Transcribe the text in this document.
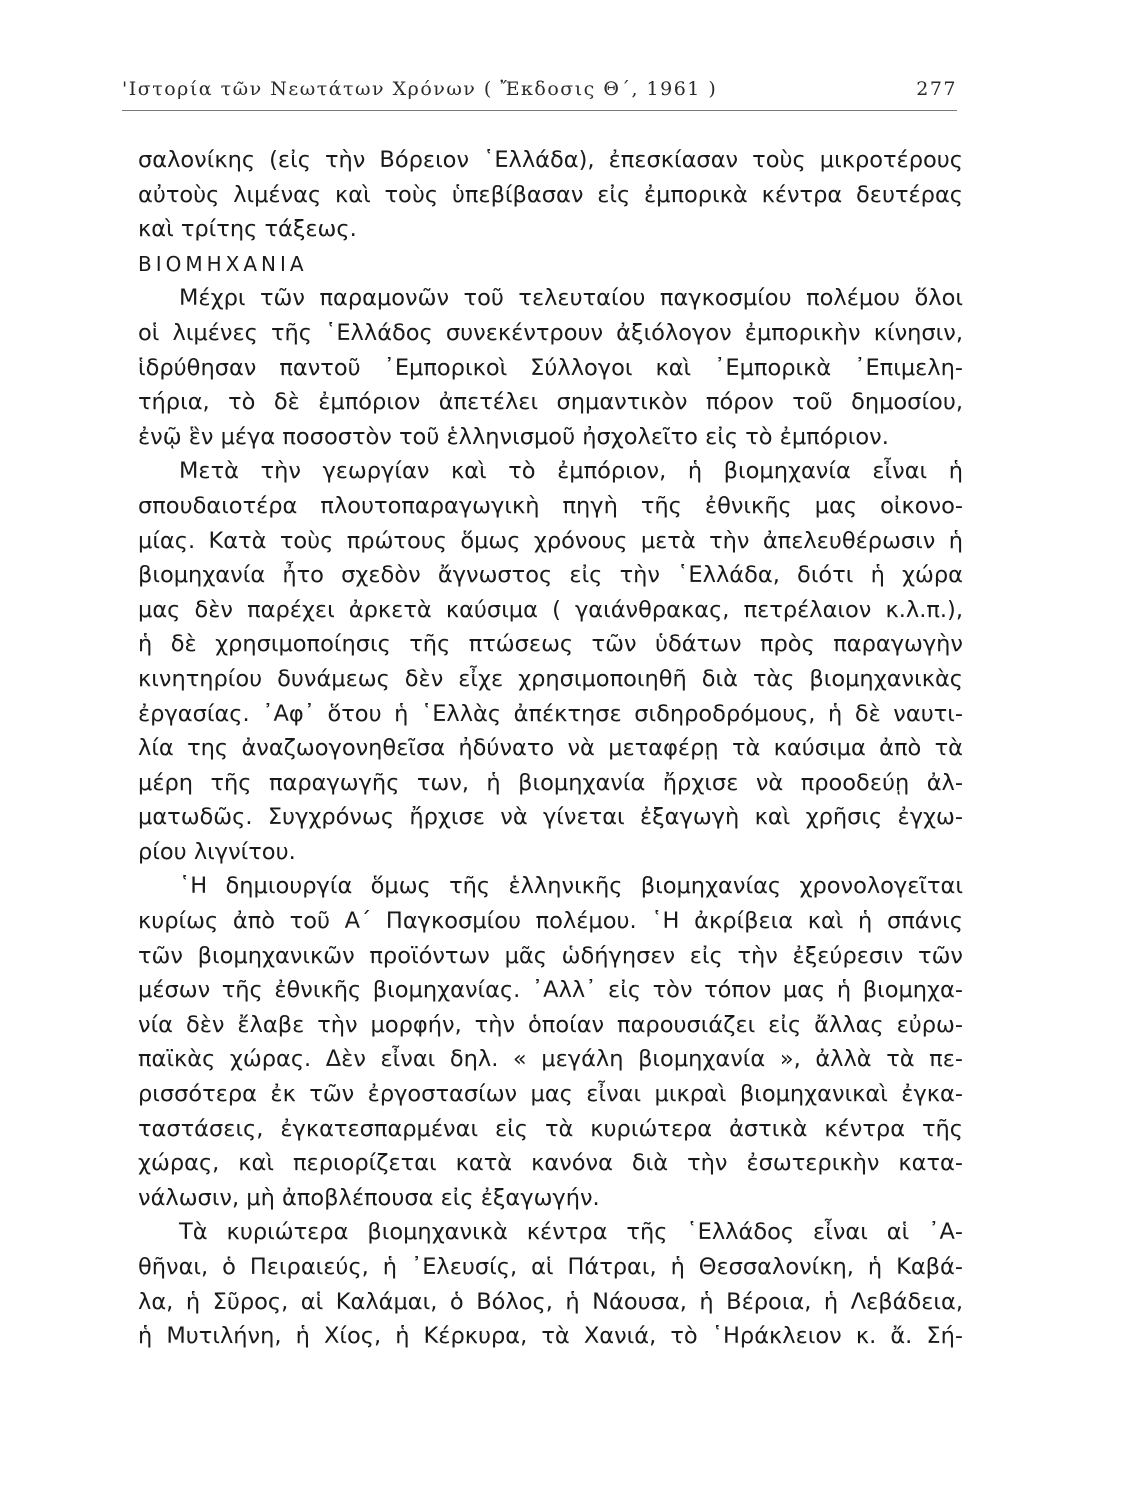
'Ιστορία τῶν Νεωτάτων Χρόνων ( Ἔκδοσις Θ΄, 1961 )	277
σαλονίκης (εἰς τὴν Βόρειον ῾Ελλάδα), ἐπεσκίασαν τοὺς μικροτέρους
αὐτοὺς λιμένας καὶ τοὺς ὑπεβίβασαν εἰς ἐμπορικὰ κέντρα δευτέρας
καὶ τρίτης τάξεως.
ΒΙΟΜΗΧΑΝΙΑ
Μέχρι τῶν παραμονῶν τοῦ τελευταίου παγκοσμίου πολέμου ὅλοι
οἱ λιμένες τῆς ῾Ελλάδος συνεκέντρουν ἀξιόλογον ἐμπορικὴν κίνησιν,
ἱδρύθησαν παντοῦ ᾿Εμπορικοὶ Σύλλογοι καὶ ᾿Εμπορικὰ ᾿Επιμελη-
τήρια, τὸ δὲ ἐμπόριον ἀπετέλει σημαντικὸν πόρον τοῦ δημοσίου,
ἐνῷ ἓν μέγα ποσοστὸν τοῦ ἑλληνισμοῦ ἠσχολεῖτο εἰς τὸ ἐμπόριον.
Μετὰ τὴν γεωργίαν καὶ τὸ ἐμπόριον, ἡ βιομηχανία εἶναι ἡ
σπουδαιοτέρα πλουτοπαραγωγικὴ πηγὴ τῆς ἐθνικῆς μας οἰκονο-
μίας. Κατὰ τοὺς πρώτους ὅμως χρόνους μετὰ τὴν ἀπελευθέρωσιν ἡ
βιομηχανία ἦτο σχεδὸν ἄγνωστος εἰς τὴν ῾Ελλάδα, διότι ἡ χώρα
μας δὲν παρέχει ἀρκετὰ καύσιμα ( γαιάνθρακας, πετρέλαιον κ.λ.π.),
ἡ δὲ χρησιμοποίησις τῆς πτώσεως τῶν ὑδάτων πρὸς παραγωγὴν
κινητηρίου δυνάμεως δὲν εἶχε χρησιμοποιηθῆ διὰ τὰς βιομηχανικὰς
ἐργασίας. ᾿Αφ᾿ ὅτου ἡ ῾Ελλὰς ἀπέκτησε σιδηροδρόμους, ἡ δὲ ναυτι-
λία της ἀναζωογονηθεῖσα ἠδύνατο νὰ μεταφέρῃ τὰ καύσιμα ἀπὸ τὰ
μέρη τῆς παραγωγῆς των, ἡ βιομηχανία ἤρχισε νὰ προοδεύῃ ἀλ-
ματωδῶς. Συγχρόνως ἤρχισε νὰ γίνεται ἐξαγωγὴ καὶ χρῆσις ἐγχω-
ρίου λιγνίτου.
῾Η δημιουργία ὅμως τῆς ἑλληνικῆς βιομηχανίας χρονολογεῖται
κυρίως ἀπὸ τοῦ Α΄ Παγκοσμίου πολέμου. ῾Η ἀκρίβεια καὶ ἡ σπάνις
τῶν βιομηχανικῶν προϊόντων μᾶς ὡδήγησεν εἰς τὴν ἐξεύρεσιν τῶν
μέσων τῆς ἐθνικῆς βιομηχανίας. ᾿Αλλ᾿ εἰς τὸν τόπον μας ἡ βιομηχα-
νία δὲν ἔλαβε τὴν μορφήν, τὴν ὁποίαν παρουσιάζει εἰς ἄλλας εὐρω-
παϊκὰς χώρας. Δὲν εἶναι δηλ. « μεγάλη βιομηχανία », ἀλλὰ τὰ πε-
ρισσότερα ἐκ τῶν ἐργοστασίων μας εἶναι μικραὶ βιομηχανικαὶ ἐγκα-
ταστάσεις, ἐγκατεσπαρμέναι εἰς τὰ κυριώτερα ἀστικὰ κέντρα τῆς
χώρας, καὶ περιορίζεται κατὰ κανόνα διὰ τὴν ἐσωτερικὴν κατα-
νάλωσιν, μὴ ἀποβλέπουσα εἰς ἐξαγωγήν.
Τὰ κυριώτερα βιομηχανικὰ κέντρα τῆς ῾Ελλάδος εἶναι αἱ ᾿Α-
θῆναι, ὁ Πειραιεύς, ἡ ᾿Ελευσίς, αἱ Πάτραι, ἡ Θεσσαλονίκη, ἡ Καβά-
λα, ἡ Σῦρος, αἱ Καλάμαι, ὁ Βόλος, ἡ Νάουσα, ἡ Βέροια, ἡ Λεβάδεια,
ἡ Μυτιλήνη, ἡ Χίος, ἡ Κέρκυρα, τὰ Χανιά, τὸ ῾Ηράκλειον κ. ἄ. Σή-
